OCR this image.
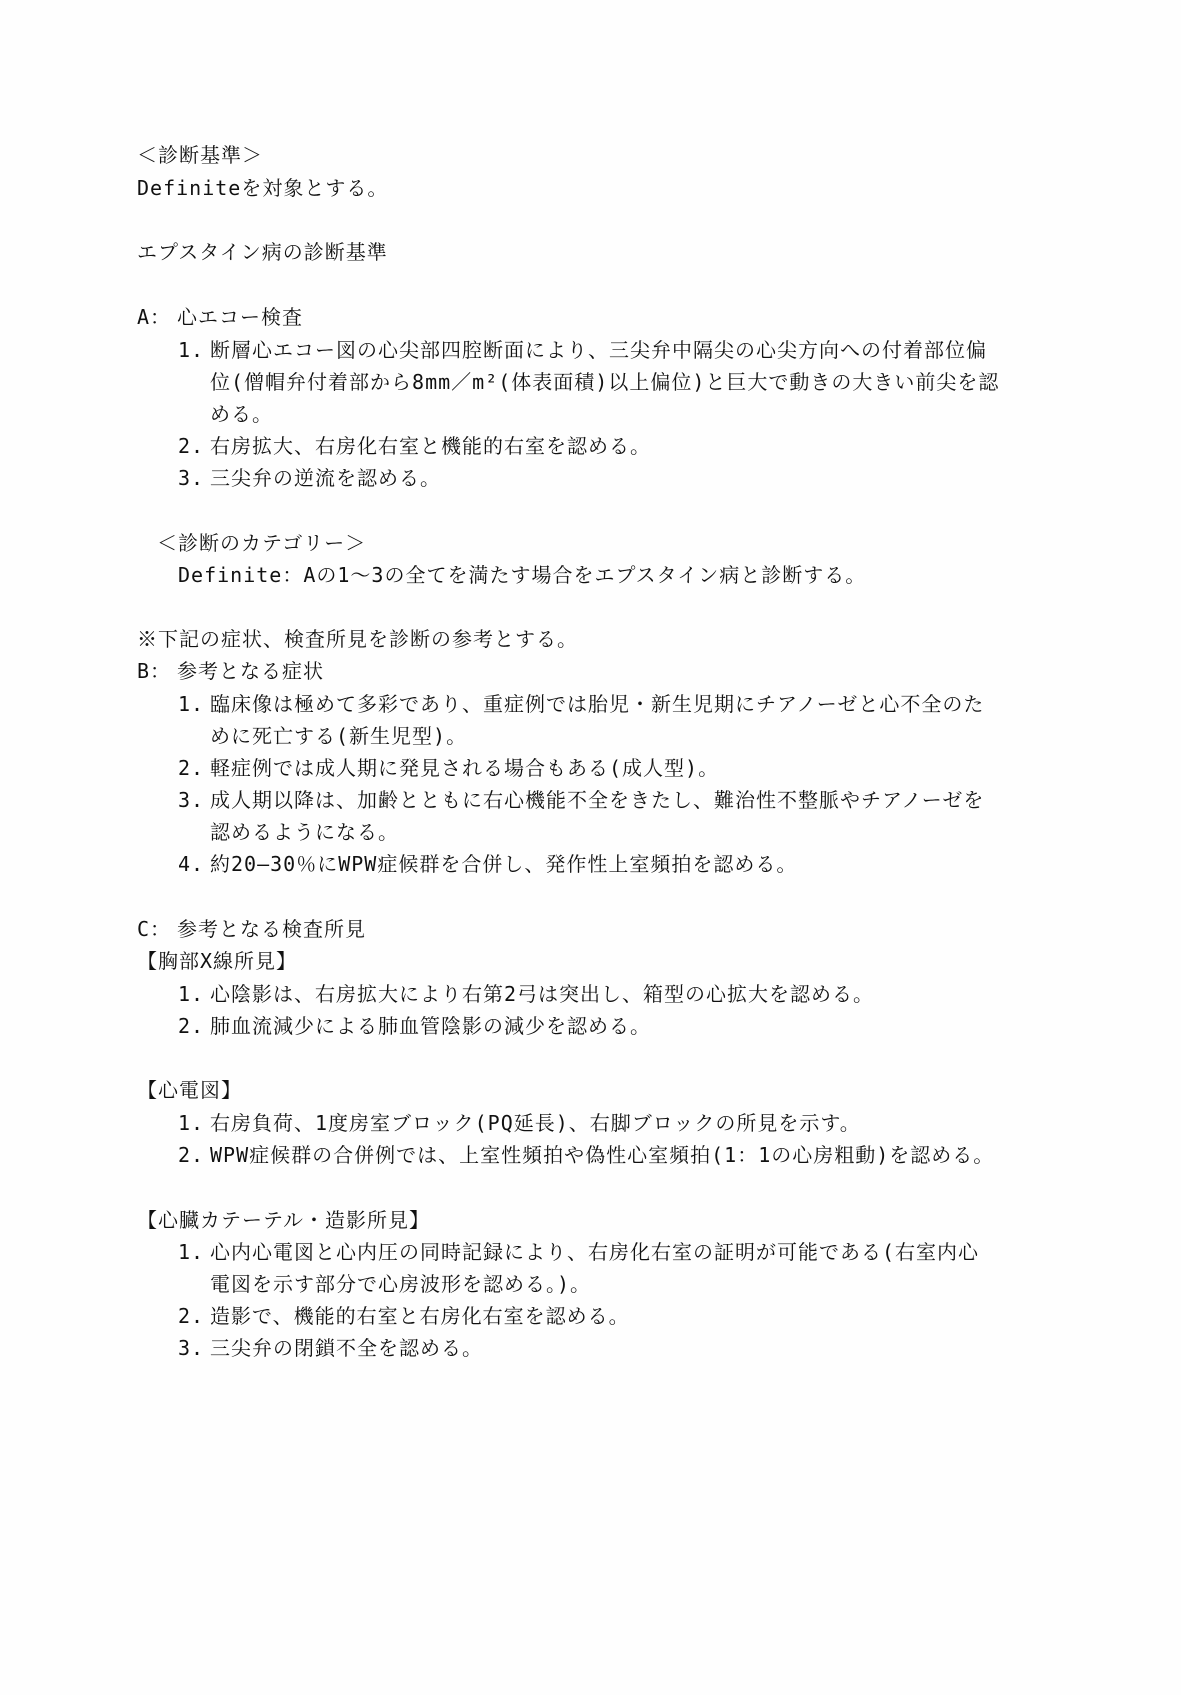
＜診断基準＞
Definiteを対象とする。
エプスタイン病の診断基準
A： 心エコー検査
1. 断層心エコー図の心尖部四腔断面により、三尖弁中隔尖の心尖方向への付着部位偏
位(僧帽弁付着部から8mm／m²(体表面積)以上偏位)と巨大で動きの大きい前尖を認
める。
2. 右房拡大、右房化右室と機能的右室を認める。
3. 三尖弁の逆流を認める。
＜診断のカテゴリー＞
Definite：Aの1～3の全てを満たす場合をエプスタイン病と診断する。
※下記の症状、検査所見を診断の参考とする。
B： 参考となる症状
1. 臨床像は極めて多彩であり、重症例では胎児・新生児期にチアノーゼと心不全のた
めに死亡する(新生児型)。
2. 軽症例では成人期に発見される場合もある(成人型)。
3. 成人期以降は、加齢とともに右心機能不全をきたし、難治性不整脈やチアノーゼを
認めるようになる。
4. 約20―30％にWPW症候群を合併し、発作性上室頻拍を認める。
C： 参考となる検査所見
【胸部X線所見】
1. 心陰影は、右房拡大により右第2弓は突出し、箱型の心拡大を認める。
2. 肺血流減少による肺血管陰影の減少を認める。
【心電図】
1. 右房負荷、1度房室ブロック(PQ延長)、右脚ブロックの所見を示す。
2. WPW症候群の合併例では、上室性頻拍や偽性心室頻拍(1：1の心房粗動)を認める。
【心臓カテーテル・造影所見】
1. 心内心電図と心内圧の同時記録により、右房化右室の証明が可能である(右室内心
電図を示す部分で心房波形を認める。)。
2. 造影で、機能的右室と右房化右室を認める。
3. 三尖弁の閉鎖不全を認める。
